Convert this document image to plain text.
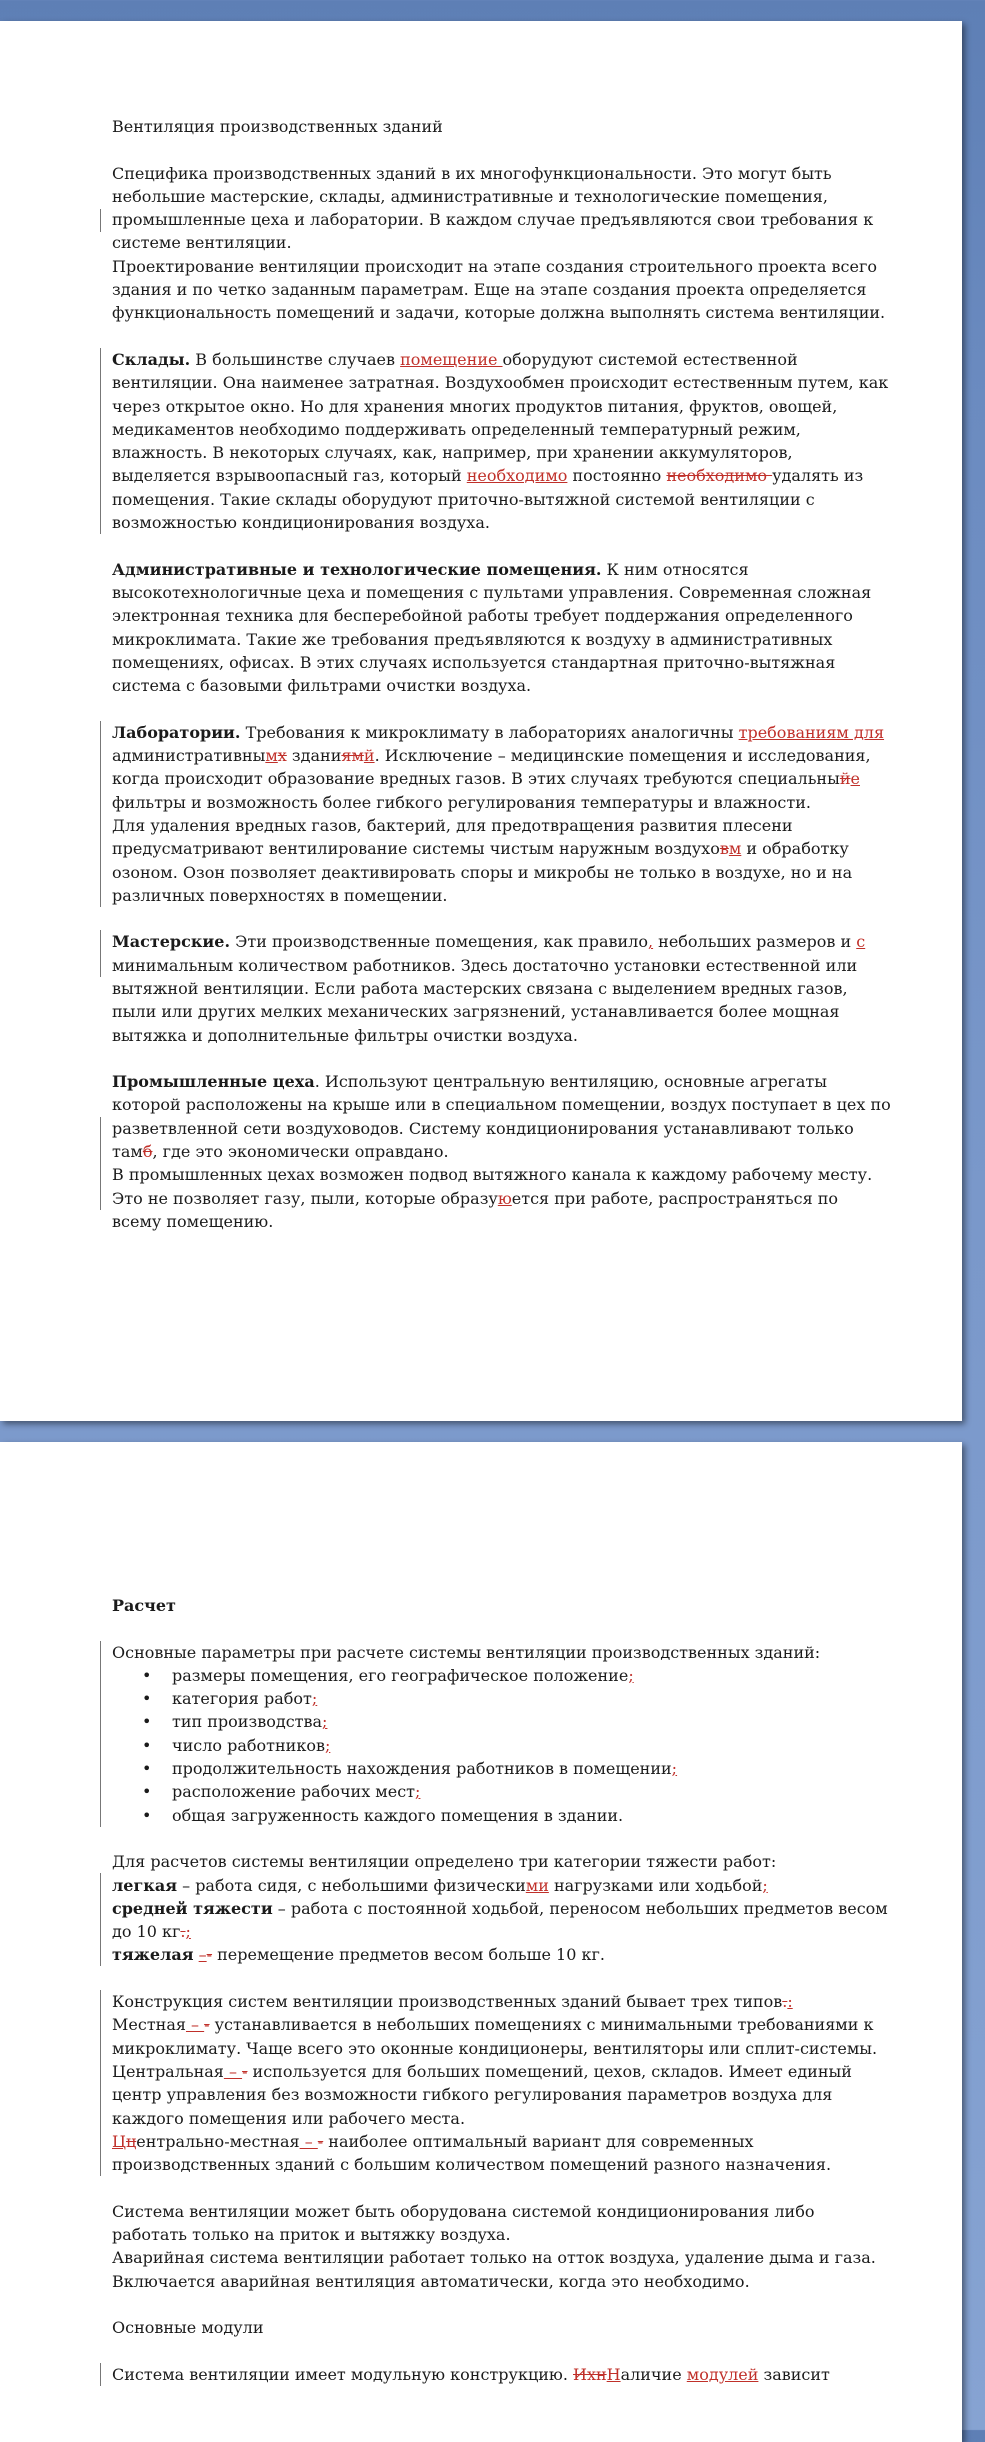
Вентиляция производственных зданий

Специфика производственных зданий в их многофункциональности. Это могут быть небольшие мастерские, склады, административные и технологические помещения, промышленные цеха и лаборатории. В каждом случае предъявляются свои требования к системе вентиляции.

Проектирование вентиляции происходит на этапе создания строительного проекта всего здания и по четко заданным параметрам. Еще на этапе создания проекта определяется функциональность помещений и задачи, которые должна выполнять система вентиляции.

Склады. В большинстве случаев помещение оборудуют системой естественной вентиляции. Она наименее затратная. Воздухообмен происходит естественным путем, как через открытое окно. Но для хранения многих продуктов питания, фруктов, овощей, медикаментов необходимо поддерживать определенный температурный режим, влажность. В некоторых случаях, как, например, при хранении аккумуляторов, выделяется взрывоопасный газ, который необходимо постоянно необходимо удалять из помещения. Такие склады оборудуют приточно-вытяжной системой вентиляции с возможностью кондиционирования воздуха.

Административные и технологические помещения. К ним относятся высокотехнологичные цеха и помещения с пультами управления. Современная сложная электронная техника для бесперебойной работы требует поддержания определенного микроклимата. Такие же требования предъявляются к воздуху в административных помещениях, офисах. В этих случаях используется стандартная приточно-вытяжная система с базовыми фильтрами очистки воздуха.

Лаборатории. Требования к микроклимату в лабораториях аналогичны требованиям для административнымх зданиямй. Исключение – медицинские помещения и исследования, когда происходит образование вредных газов. В этих случаях требуются специальныйе фильтры и возможность более гибкого регулирования температуры и влажности.

Для удаления вредных газов, бактерий, для предотвращения развития плесени предусматривают вентилирование системы чистым наружным воздуховм и обработку озоном. Озон позволяет деактивировать споры и микробы не только в воздухе, но и на различных поверхностях в помещении.

Мастерские. Эти производственные помещения, как правило, небольших размеров и с минимальным количеством работников. Здесь достаточно установки естественной или вытяжной вентиляции. Если работа мастерских связана с выделением вредных газов, пыли или других мелких механических загрязнений, устанавливается более мощная вытяжка и дополнительные фильтры очистки воздуха.

Промышленные цеха. Используют центральную вентиляцию, основные агрегаты которой расположены на крыше или в специальном помещении, воздух поступает в цех по разветвленной сети воздуховодов. Систему кондиционирования устанавливают только тамб, где это экономически оправдано.

В промышленных цехах возможен подвод вытяжного канала к каждому рабочему месту. Это не позволяет газу, пыли, которые образуюется при работе, распространяться по всему помещению.

Расчет

Основные параметры при расчете системы вентиляции производственных зданий:

• размеры помещения, его географическое положение;
• категория работ;
• тип производства;
• число работников;
• продолжительность нахождения работников в помещении;
• расположение рабочих мест;
• общая загруженность каждого помещения в здании.

Для расчетов системы вентиляции определено три категории тяжести работ:

легкая – работа сидя, с небольшими физическими нагрузками или ходьбой;

средней тяжести – работа с постоянной ходьбой, переносом небольших предметов весом до 10 кг.;

тяжелая –- перемещение предметов весом больше 10 кг.

Конструкция систем вентиляции производственных зданий бывает трех типов.:

Местная – - устанавливается в небольших помещениях с минимальными требованиями к микроклимату. Чаще всего это оконные кондиционеры, вентиляторы или сплит-системы.

Центральная – - используется для больших помещений, цехов, складов. Имеет единый центр управления без возможности гибкого регулирования параметров воздуха для каждого помещения или рабочего места.

Ццентрально-местная – - наиболее оптимальный вариант для современных производственных зданий с большим количеством помещений разного назначения.

Система вентиляции может быть оборудована системой кондиционирования либо работать только на приток и вытяжку воздуха.

Аварийная система вентиляции работает только на отток воздуха, удаление дыма и газа. Включается аварийная вентиляция автоматически, когда это необходимо.

Основные модули

Система вентиляции имеет модульную конструкцию. ИхнНаличие модулей зависит
